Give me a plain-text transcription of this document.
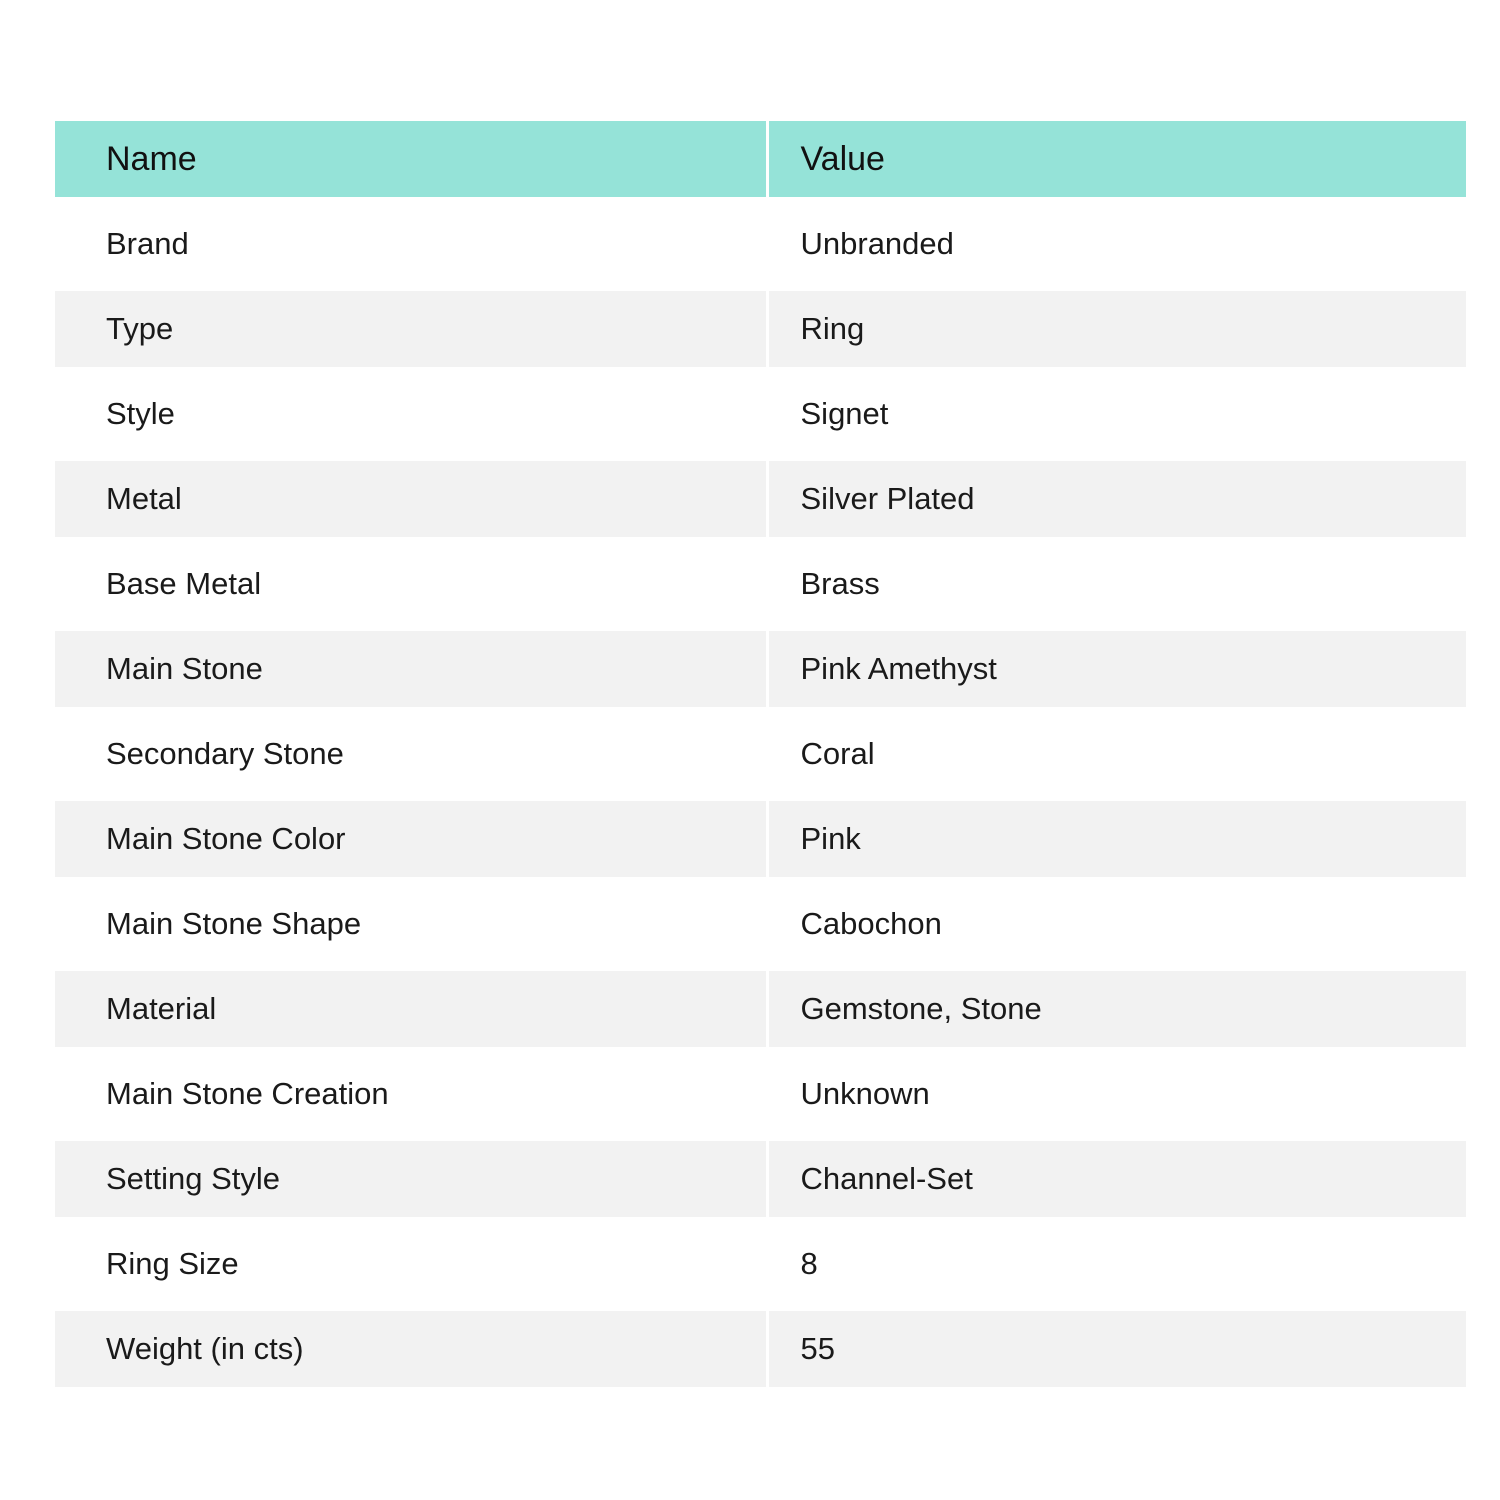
Name	Value
Brand	Unbranded
Type	Ring
Style	Signet
Metal	Silver Plated
Base Metal	Brass
Main Stone	Pink Amethyst
Secondary Stone	Coral
Main Stone Color	Pink
Main Stone Shape	Cabochon
Material	Gemstone, Stone
Main Stone Creation	Unknown
Setting Style	Channel-Set
Ring Size	8
Weight (in cts)	55
